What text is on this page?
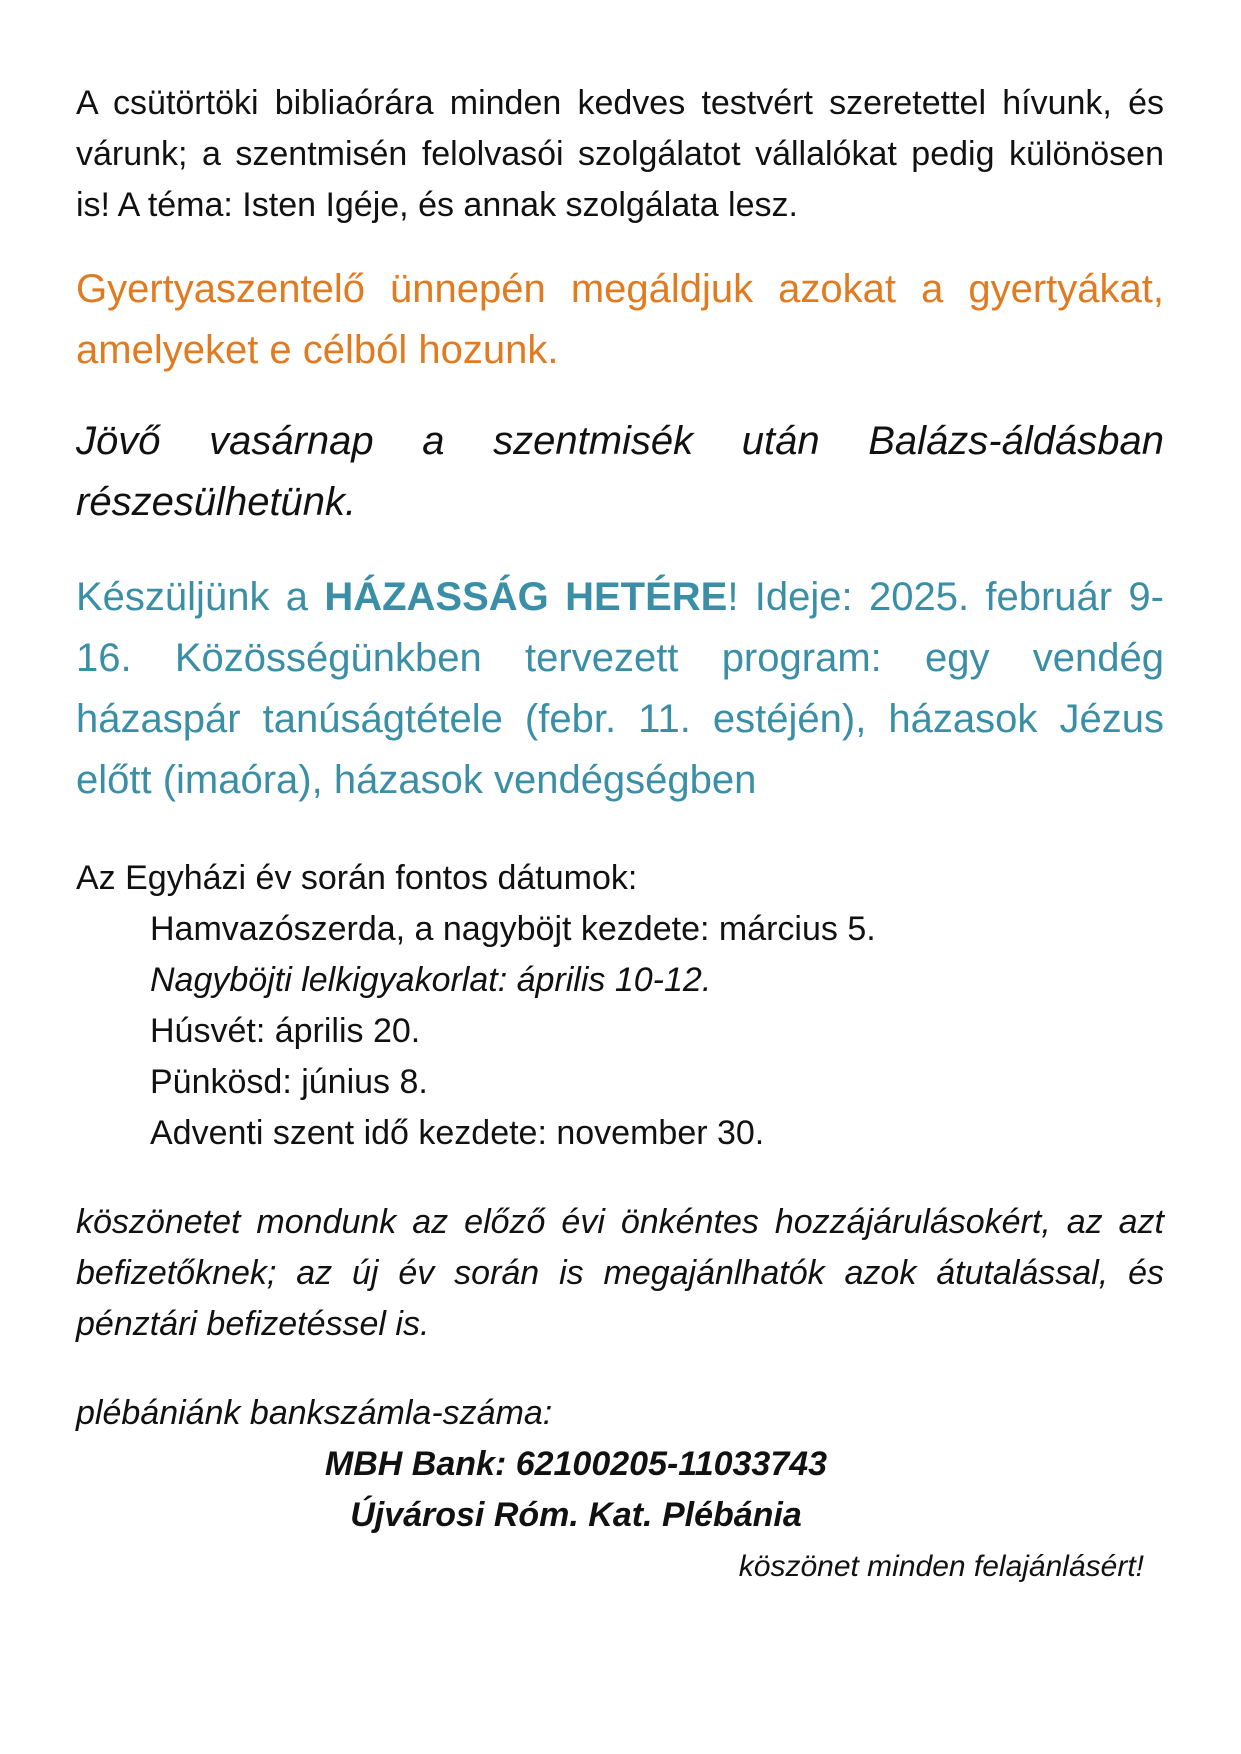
A csütörtöki bibliaórára minden kedves testvért szeretettel hívunk, és várunk; a szentmisén felolvasói szolgálatot vállalókat pedig különösen is! A téma: Isten Igéje, és annak szolgálata lesz.

Gyertyaszentelő ünnepén megáldjuk azokat a gyertyákat, amelyeket e célból hozunk.

Jövő vasárnap a szentmisék után Balázs-áldásban részesülhetünk.

Készüljünk a HÁZASSÁG HETÉRE! Ideje: 2025. február 9-16. Közösségünkben tervezett program: egy vendég házaspár tanúságtétele (febr. 11. estéjén), házasok Jézus előtt (imaóra), házasok vendégségben

Az Egyházi év során fontos dátumok:

Hamvazószerda, a nagyböjt kezdete: március 5.
Nagyböjti lelkigyakorlat: április 10-12.
Húsvét: április 20.
Pünkösd: június 8.
Adventi szent idő kezdete: november 30.

köszönetet mondunk az előző évi önkéntes hozzájárulásokért, az azt befizetőknek; az új év során is megajánlhatók azok átutalással, és pénztári befizetéssel is.

plébániánk bankszámla-száma:

MBH Bank: 62100205-11033743

Újvárosi Róm. Kat. Plébánia

köszönet minden felajánlásért!
